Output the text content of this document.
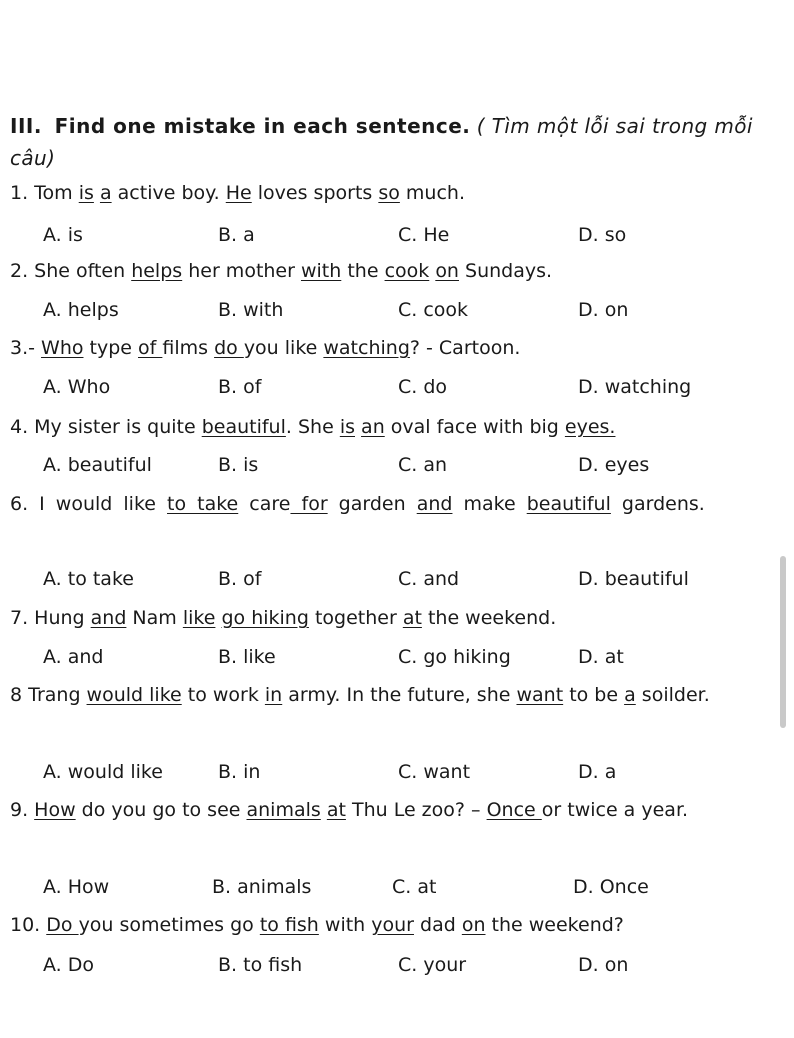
III. Find one mistake in each sentence. ( Tìm một lỗi sai trong mỗi câu)
1. Tom is a active boy. He loves sports so much.
A. is	B. a	C. He	D. so
2. She often helps her mother with the cook on Sundays.
A. helps	B. with	C. cook	D. on
3.- Who type of films do you like watching? - Cartoon.
A. Who	B. of	C. do	D. watching
4. My sister is quite beautiful. She is an oval face with big eyes.
A. beautiful	B. is	C. an	D. eyes
6. I would like to take care for garden and make beautiful gardens.
A. to take	B. of	C. and	D. beautiful
7. Hung and Nam like go hiking together at the weekend.
A. and	B. like	C. go hiking	D. at
8 Trang would like to work in army. In the future, she want to be a soilder.
A. would like	B. in	C. want	D. a
9. How do you go to see animals at Thu Le zoo? – Once or twice a year.
A. How	B. animals	C. at	D. Once
10. Do you sometimes go to fish with your dad on the weekend?
A. Do	B. to fish	C. your	D. on
